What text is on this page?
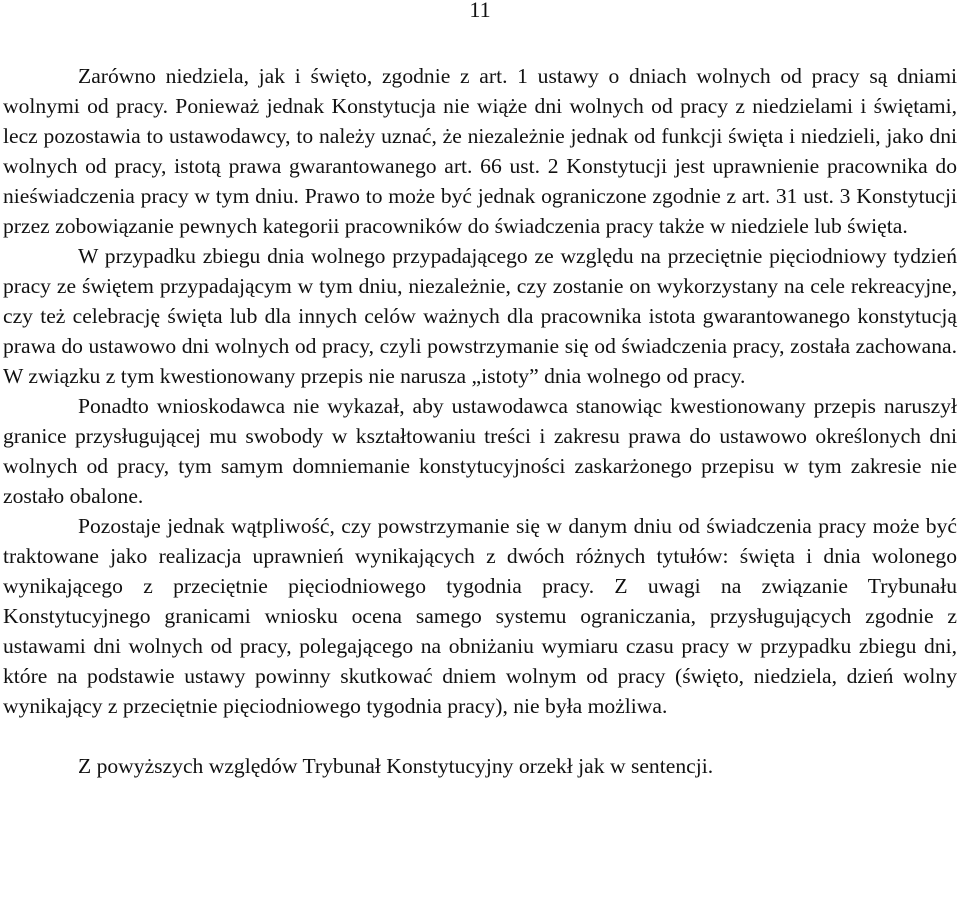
11

Zarówno niedziela, jak i święto, zgodnie z art. 1 ustawy o dniach wolnych od pracy są dniami wolnymi od pracy. Ponieważ jednak Konstytucja nie wiąże dni wolnych od pracy z niedzielami i świętami, lecz pozostawia to ustawodawcy, to należy uznać, że niezależnie jednak od funkcji święta i niedzieli, jako dni wolnych od pracy, istotą prawa gwarantowanego art. 66 ust. 2 Konstytucji jest uprawnienie pracownika do nieświadczenia pracy w tym dniu. Prawo to może być jednak ograniczone zgodnie z art. 31 ust. 3 Konstytucji przez zobowiązanie pewnych kategorii pracowników do świadczenia pracy także w niedziele lub święta.

W przypadku zbiegu dnia wolnego przypadającego ze względu na przeciętnie pięciodniowy tydzień pracy ze świętem przypadającym w tym dniu, niezależnie, czy zostanie on wykorzystany na cele rekreacyjne, czy też celebrację święta lub dla innych celów ważnych dla pracownika istota gwarantowanego konstytucją prawa do ustawowo dni wolnych od pracy, czyli powstrzymanie się od świadczenia pracy, została zachowana. W związku z tym kwestionowany przepis nie narusza „istoty” dnia wolnego od pracy.

Ponadto wnioskodawca nie wykazał, aby ustawodawca stanowiąc kwestionowany przepis naruszył granice przysługującej mu swobody w kształtowaniu treści i zakresu prawa do ustawowo określonych dni wolnych od pracy, tym samym domniemanie konstytucyjności zaskarżonego przepisu w tym zakresie nie zostało obalone.

Pozostaje jednak wątpliwość, czy powstrzymanie się w danym dniu od świadczenia pracy może być traktowane jako realizacja uprawnień wynikających z dwóch różnych tytułów: święta i dnia wolonego wynikającego z przeciętnie pięciodniowego tygodnia pracy. Z uwagi na związanie Trybunału Konstytucyjnego granicami wniosku ocena samego systemu ograniczania, przysługujących zgodnie z ustawami dni wolnych od pracy, polegającego na obniżaniu wymiaru czasu pracy w przypadku zbiegu dni, które na podstawie ustawy powinny skutkować dniem wolnym od pracy (święto, niedziela, dzień wolny wynikający z przeciętnie pięciodniowego tygodnia pracy), nie była możliwa.

Z powyższych względów Trybunał Konstytucyjny orzekł jak w sentencji.
